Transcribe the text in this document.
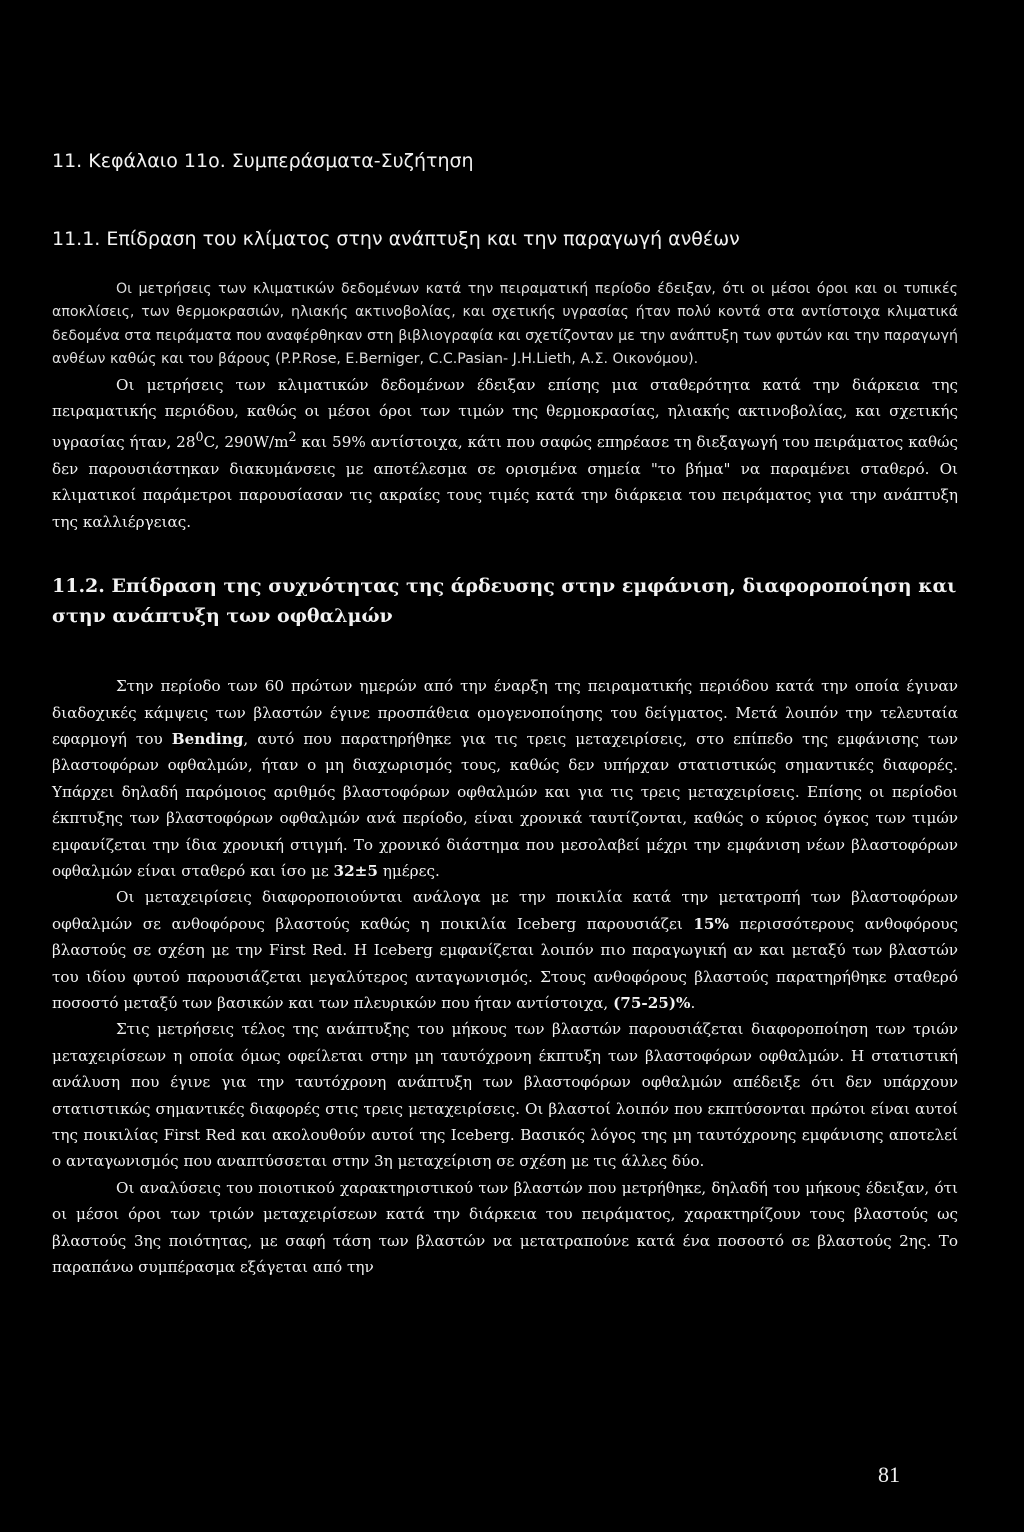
11. Κεφάλαιο 11ο. Συμπεράσματα-Συζήτηση
11.1. Επίδραση του κλίματος στην ανάπτυξη και την παραγωγή ανθέων

Οι μετρήσεις των κλιματικών δεδομένων κατά την πειραματική περίοδο έδειξαν, ότι οι μέσοι όροι και οι τυπικές αποκλίσεις, των θερμοκρασιών, ηλιακής ακτινοβολίας, και σχετικής υγρασίας ήταν πολύ κοντά στα αντίστοιχα κλιματικά δεδομένα στα πειράματα που αναφέρθηκαν στη βιβλιογραφία και σχετίζονταν με την ανάπτυξη των φυτών και την παραγωγή ανθέων καθώς και του βάρους (P.P.Rose, E.Berniger, C.C.Pasian- J.H.Lieth, Α.Σ. Οικονόμου).

Οι μετρήσεις των κλιματικών δεδομένων έδειξαν επίσης μια σταθερότητα κατά την διάρκεια της πειραματικής περιόδου, καθώς οι μέσοι όροι των τιμών της θερμοκρασίας, ηλιακής ακτινοβολίας, και σχετικής υγρασίας ήταν, $28^0C$, $290W/m^2$ και 59% αντίστοιχα, κάτι που σαφώς επηρέασε τη διεξαγωγή του πειράματος καθώς δεν παρουσιάστηκαν διακυμάνσεις με αποτέλεσμα σε ορισμένα σημεία "το βήμα" να παραμένει σταθερό. Οι κλιματικοί παράμετροι παρουσίασαν τις ακραίες τους τιμές κατά την διάρκεια του πειράματος για την ανάπτυξη της καλλιέργειας.

11.2. Επίδραση της συχνότητας της άρδευσης στην εμφάνιση, διαφοροποίηση και στην ανάπτυξη των οφθαλμών

Στην περίοδο των 60 πρώτων ημερών από την έναρξη της πειραματικής περιόδου κατά την οποία έγιναν διαδοχικές κάμψεις των βλαστών έγινε προσπάθεια ομογενοποίησης του δείγματος. Μετά λοιπόν την τελευταία εφαρμογή του Bending, αυτό που παρατηρήθηκε για τις τρεις μεταχειρίσεις, στο επίπεδο της εμφάνισης των βλαστοφόρων οφθαλμών, ήταν ο μη διαχωρισμός τους, καθώς δεν υπήρχαν στατιστικώς σημαντικές διαφορές. Υπάρχει δηλαδή παρόμοιος αριθμός βλαστοφόρων οφθαλμών και για τις τρεις μεταχειρίσεις. Επίσης οι περίοδοι έκπτυξης των βλαστοφόρων οφθαλμών ανά περίοδο, είναι χρονικά ταυτίζονται, καθώς ο κύριος όγκος των τιμών εμφανίζεται την ίδια χρονική στιγμή. Το χρονικό διάστημα που μεσολαβεί μέχρι την εμφάνιση νέων βλαστοφόρων οφθαλμών είναι σταθερό και ίσο με 32±5 ημέρες.

Οι μεταχειρίσεις διαφοροποιούνται ανάλογα με την ποικιλία κατά την μετατροπή των βλαστοφόρων οφθαλμών σε ανθοφόρους βλαστούς καθώς η ποικιλία Iceberg παρουσιάζει 15% περισσότερους ανθοφόρους βλαστούς σε σχέση με την First Red. Η Iceberg εμφανίζεται λοιπόν πιο παραγωγική αν και μεταξύ των βλαστών του ιδίου φυτού παρουσιάζεται μεγαλύτερος ανταγωνισμός. Στους ανθοφόρους βλαστούς παρατηρήθηκε σταθερό ποσοστό μεταξύ των βασικών και των πλευρικών που ήταν αντίστοιχα, (75-25)%.

Στις μετρήσεις τέλος της ανάπτυξης του μήκους των βλαστών παρουσιάζεται διαφοροποίηση των τριών μεταχειρίσεων η οποία όμως οφείλεται στην μη ταυτόχρονη έκπτυξη των βλαστοφόρων οφθαλμών. Η στατιστική ανάλυση που έγινε για την ταυτόχρονη ανάπτυξη των βλαστοφόρων οφθαλμών απέδειξε ότι δεν υπάρχουν στατιστικώς σημαντικές διαφορές στις τρεις μεταχειρίσεις. Οι βλαστοί λοιπόν που εκπτύσονται πρώτοι είναι αυτοί της ποικιλίας First Red και ακολουθούν αυτοί της Iceberg. Βασικός λόγος της μη ταυτόχρονης εμφάνισης αποτελεί ο ανταγωνισμός που αναπτύσσεται στην 3η μεταχείριση σε σχέση με τις άλλες δύο.

Οι αναλύσεις του ποιοτικού χαρακτηριστικού των βλαστών που μετρήθηκε, δηλαδή του μήκους έδειξαν, ότι οι μέσοι όροι των τριών μεταχειρίσεων κατά την διάρκεια του πειράματος, χαρακτηρίζουν τους βλαστούς ως βλαστούς 3ης ποιότητας, με σαφή τάση των βλαστών να μετατραπούνε κατά ένα ποσοστό σε βλαστούς 2ης. Το παραπάνω συμπέρασμα εξάγεται από την

81
